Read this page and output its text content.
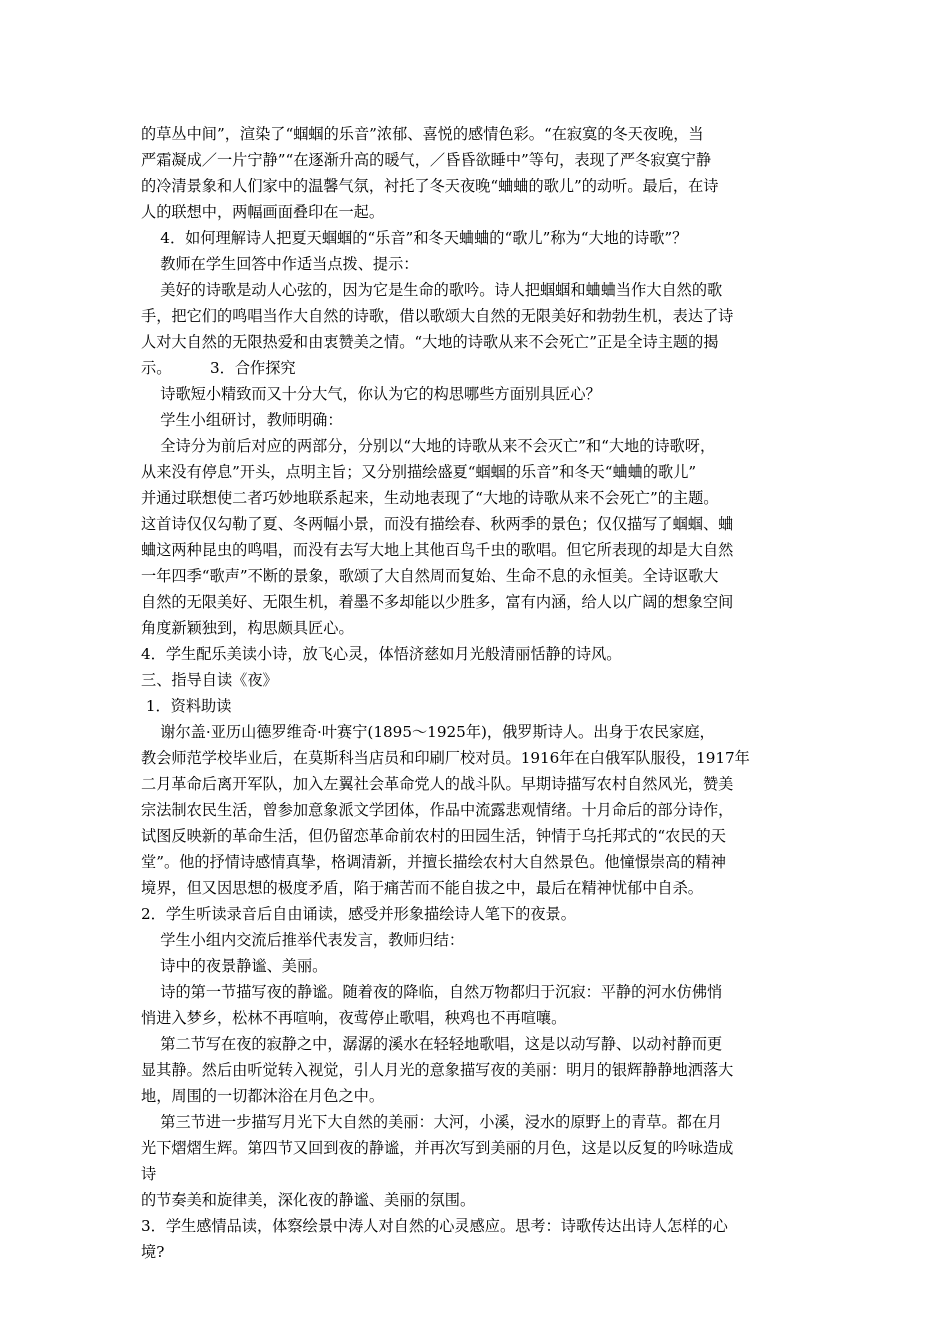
的草丛中间”，渲染了“蝈蝈的乐音”浓郁、喜悦的感情色彩。“在寂寞的冬天夜晚，当
严霜凝成／一片宁静”“在逐渐升高的暖气，／昏昏欲睡中”等句，表现了严冬寂寞宁静
的冷清景象和人们家中的温馨气氛，衬托了冬天夜晚“蛐蛐的歌儿”的动听。最后，在诗
人的联想中，两幅画面叠印在一起。
4．如何理解诗人把夏天蝈蝈的“乐音”和冬天蛐蛐的“歌儿”称为“大地的诗歌”？
教师在学生回答中作适当点拨、提示：
美好的诗歌是动人心弦的，因为它是生命的歌吟。诗人把蝈蝈和蛐蛐当作大自然的歌
手，把它们的鸣唱当作大自然的诗歌，借以歌颂大自然的无限美好和勃勃生机，表达了诗
人对大自然的无限热爱和由衷赞美之情。“大地的诗歌从来不会死亡”正是全诗主题的揭
示。        3．合作探究
诗歌短小精致而又十分大气，你认为它的构思哪些方面别具匠心？
学生小组研讨，教师明确：
全诗分为前后对应的两部分，分别以“大地的诗歌从来不会灭亡”和“大地的诗歌呀，
从来没有停息”开头，点明主旨；又分别描绘盛夏“蝈蝈的乐音”和冬天“蛐蛐的歌儿”
并通过联想使二者巧妙地联系起来，生动地表现了“大地的诗歌从来不会死亡”的主题。
这首诗仅仅勾勒了夏、冬两幅小景，而没有描绘春、秋两季的景色；仅仅描写了蝈蝈、蛐
蛐这两种昆虫的鸣唱，而没有去写大地上其他百鸟千虫的歌唱。但它所表现的却是大自然
一年四季“歌声”不断的景象，歌颂了大自然周而复始、生命不息的永恒美。全诗讴歌大
自然的无限美好、无限生机，着墨不多却能以少胜多，富有内涵，给人以广阔的想象空间
角度新颖独到，构思颇具匠心。
4．学生配乐美读小诗，放飞心灵，体悟济慈如月光般清丽恬静的诗风。
三、指导自读《夜》
1．资料助读
谢尔盖·亚历山德罗维奇·叶赛宁(1895～1925年)，俄罗斯诗人。出身于农民家庭，
教会师范学校毕业后，在莫斯科当店员和印刷厂校对员。1916年在白俄军队服役，1917年
二月革命后离开军队，加入左翼社会革命党人的战斗队。早期诗描写农村自然风光，赞美
宗法制农民生活，曾参加意象派文学团体，作品中流露悲观情绪。十月命后的部分诗作，
试图反映新的革命生活，但仍留恋革命前农村的田园生活，钟情于乌托邦式的“农民的天
堂”。他的抒情诗感情真挚，格调清新，并擅长描绘农村大自然景色。他憧憬崇高的精神
境界，但又因思想的极度矛盾，陷于痛苦而不能自拔之中，最后在精神忧郁中自杀。
2．学生听读录音后自由诵读，感受并形象描绘诗人笔下的夜景。
学生小组内交流后推举代表发言，教师归结：
诗中的夜景静谧、美丽。
诗的第一节描写夜的静谧。随着夜的降临，自然万物都归于沉寂：平静的河水仿佛悄
悄进入梦乡，松林不再喧响，夜莺停止歌唱，秧鸡也不再喧嚷。
第二节写在夜的寂静之中，潺潺的溪水在轻轻地歌唱，这是以动写静、以动衬静而更
显其静。然后由听觉转入视觉，引人月光的意象描写夜的美丽：明月的银辉静静地洒落大
地，周围的一切都沐浴在月色之中。
第三节进一步描写月光下大自然的美丽：大河，小溪，浸水的原野上的青草。都在月
光下熠熠生辉。第四节又回到夜的静谧，并再次写到美丽的月色，这是以反复的吟咏造成
诗
的节奏美和旋律美，深化夜的静谧、美丽的氛围。
3．学生感情品读，体察绘景中涛人对自然的心灵感应。思考：诗歌传达出诗人怎样的心
境?
